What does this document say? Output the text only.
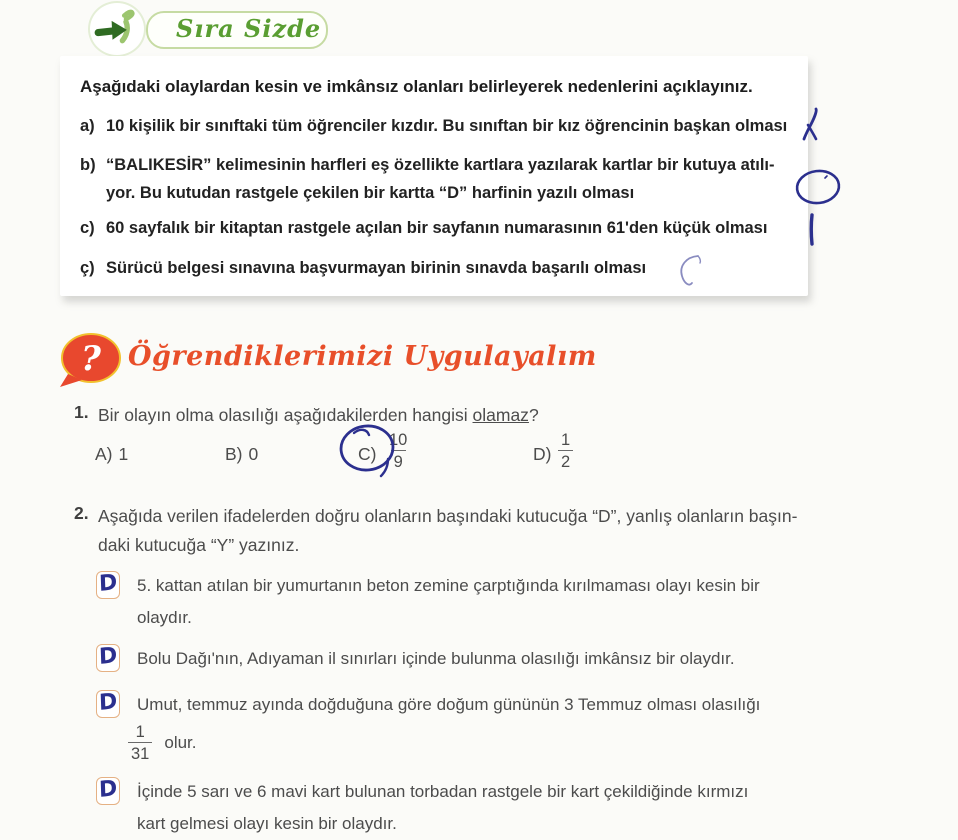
Sıra Sizde
Aşağıdaki olaylardan kesin ve imkânsız olanları belirleyerek nedenlerini açıklayınız.
a) 10 kişilik bir sınıftaki tüm öğrenciler kızdır. Bu sınıftan bir kız öğrencinin başkan olması
b) “BALIKESİR” kelimesinin harfleri eş özellikte kartlara yazılarak kartlar bir kutuya atılı-
yor. Bu kutudan rastgele çekilen bir kartta “D” harfinin yazılı olması
c) 60 sayfalık bir kitaptan rastgele açılan bir sayfanın numarasının 61'den küçük olması
ç) Sürücü belgesi sınavına başvurmayan birinin sınavda başarılı olması
? Öğrendiklerimizi Uygulayalım
1. Bir olayın olma olasılığı aşağıdakilerden hangisi olamaz?
A) 1	B) 0	$C) \frac{10}{9}$	$D) \frac{1}{2}$
2. Aşağıda verilen ifadelerden doğru olanların başındaki kutucuğa “D”, yanlış olanların başın-
daki kutucuğa “Y” yazınız.
D 5. kattan atılan bir yumurtanın beton zemine çarptığında kırılmaması olayı kesin bir
olaydır.
D Bolu Dağı'nın, Adıyaman il sınırları içinde bulunma olasılığı imkânsız bir olaydır.
D Umut, temmuz ayında doğduğuna göre doğum gününün 3 Temmuz olması olasılığı
$\frac{1}{31}$ olur.
D İçinde 5 sarı ve 6 mavi kart bulunan torbadan rastgele bir kart çekildiğinde kırmızı
kart gelmesi olayı kesin bir olaydır.
